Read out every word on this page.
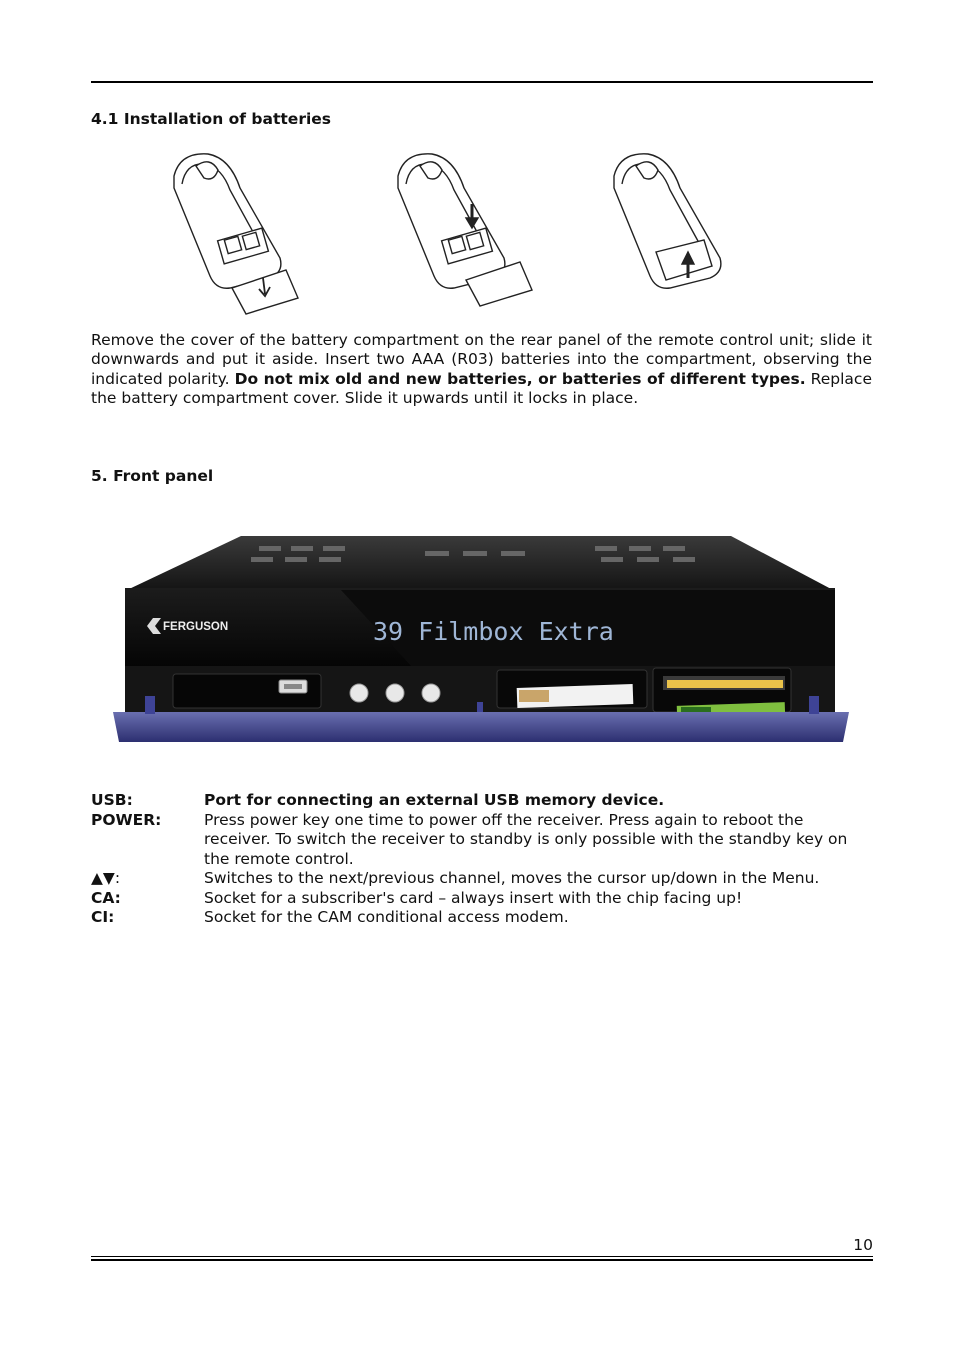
4.1 Installation of batteries
Remove the cover of the battery compartment on the rear panel of the remote control unit; slide it downwards and put it aside. Insert two AAA (R03) batteries into the compartment, observing the indicated polarity. Do not mix old and new batteries, or batteries of different types. Replace the battery compartment cover. Slide it upwards until it locks in place.
5. Front panel
FERGUSON	39 Filmbox Extra
USB:	Port for connecting an external USB memory device.
POWER:	Press power key one time to power off the receiver. Press again to reboot the receiver. To switch the receiver to standby is only possible with the standby key on the remote control.
▲▼:	Switches to the next/previous channel, moves the cursor up/down in the Menu.
CA:	Socket for a subscriber's card – always insert with the chip facing up!
CI:	Socket for the CAM conditional access modem.
10
